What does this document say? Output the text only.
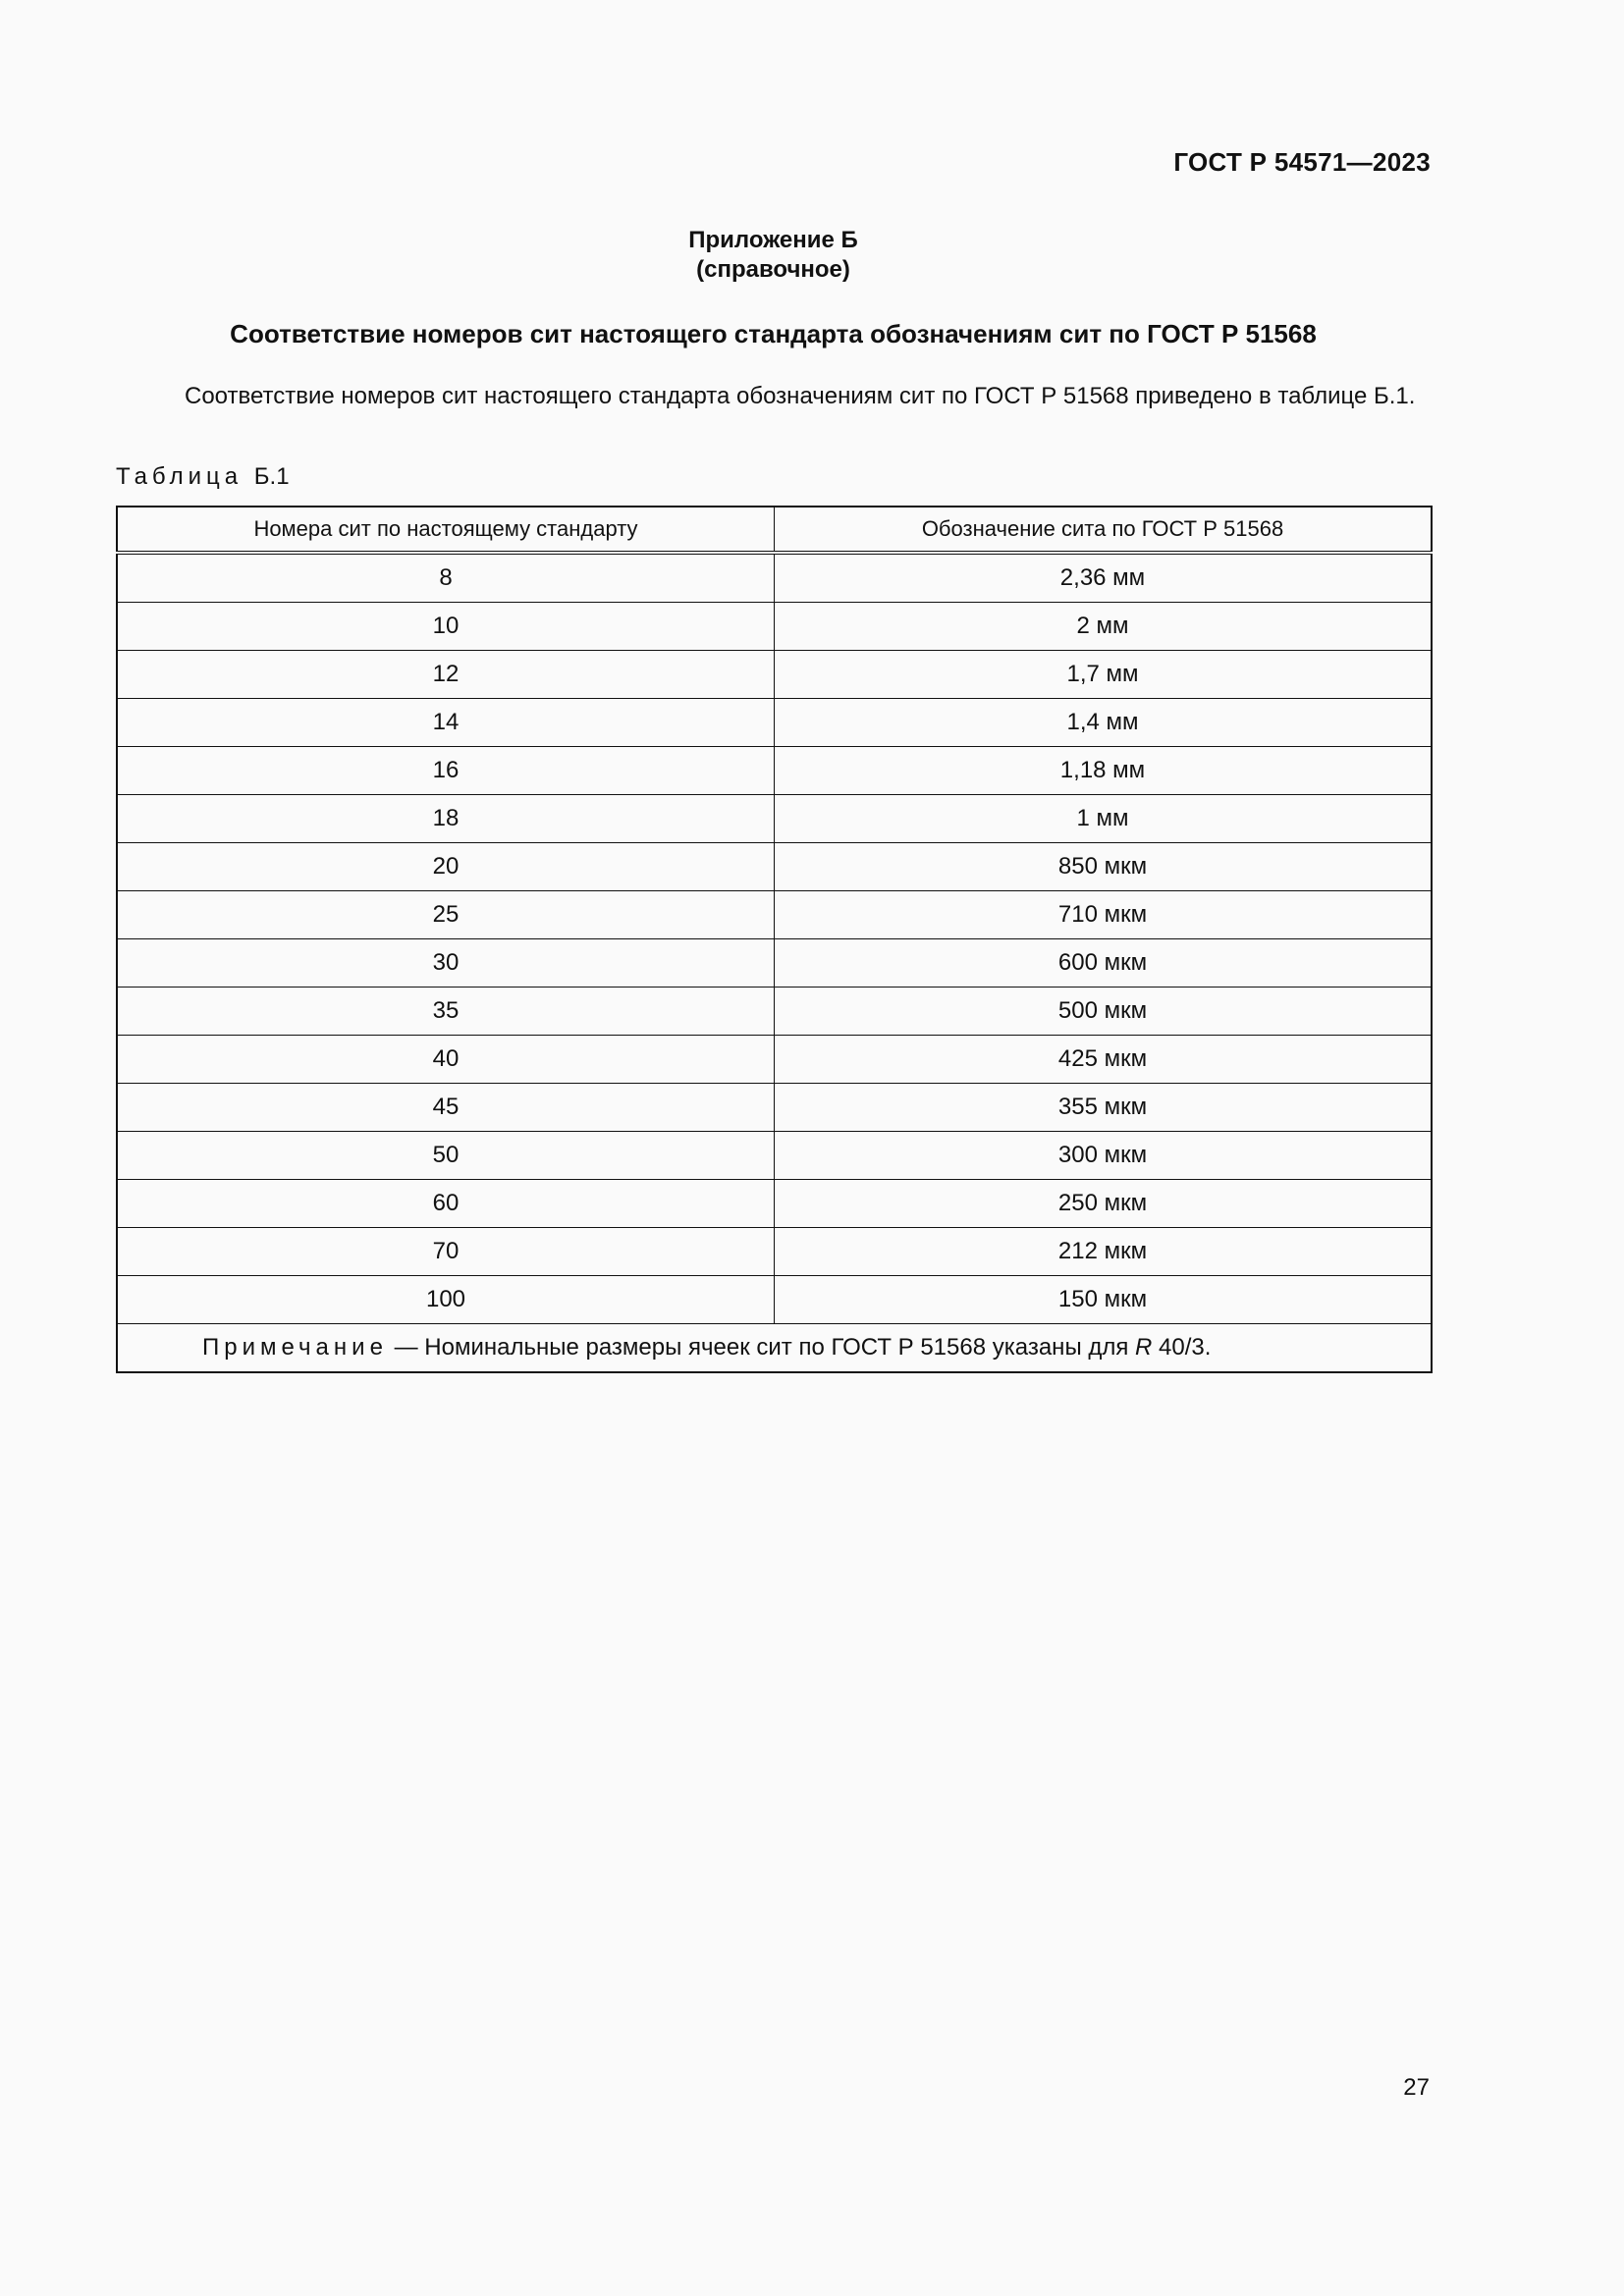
ГОСТ Р 54571—2023
Приложение Б
(справочное)
Соответствие номеров сит настоящего стандарта обозначениям сит по ГОСТ Р 51568
Соответствие номеров сит настоящего стандарта обозначениям сит по ГОСТ Р 51568 приведено в таблице Б.1.
Таблица Б.1
Номера сит по настоящему стандарту	Обозначение сита по ГОСТ Р 51568
8	2,36 мм
10	2 мм
12	1,7 мм
14	1,4 мм
16	1,18 мм
18	1 мм
20	850 мкм
25	710 мкм
30	600 мкм
35	500 мкм
40	425 мкм
45	355 мкм
50	300 мкм
60	250 мкм
70	212 мкм
100	150 мкм
Примечание — Номинальные размеры ячеек сит по ГОСТ Р 51568 указаны для R 40/3.	
27
